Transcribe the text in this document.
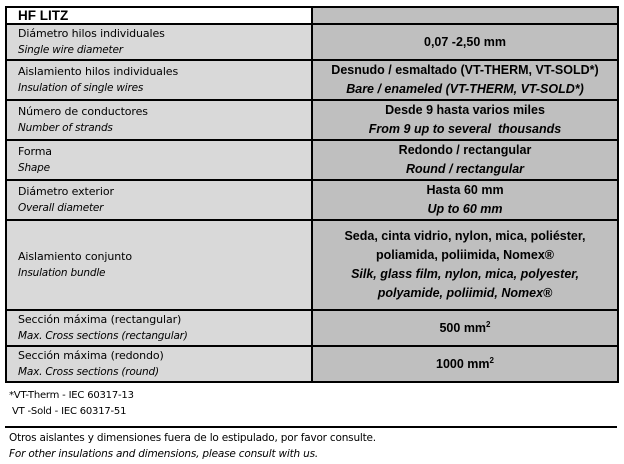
HF LITZ	

Diámetro hilos individuales
Single wire diameter	0,07 -2,50 mm

Aislamiento hilos individuales
Insulation of single wires	Desnudo / esmaltado (VT-THERM, VT-SOLD*)
Bare / enameled (VT-THERM, VT-SOLD*)

Número de conductores
Number of strands	Desde 9 hasta varios miles
From 9 up to several  thousands

Forma
Shape	Redondo / rectangular
Round / rectangular

Diámetro exterior
Overall diameter	Hasta 60 mm
Up to 60 mm

Aislamiento conjunto
Insulation bundle	Seda, cinta vidrio, nylon, mica, poliéster,
poliamida, poliimida, Nomex®
Silk, glass film, nylon, mica, polyester,
polyamide, poliimid, Nomex®

Sección máxima (rectangular)
Max. Cross sections (rectangular)	500 $mm^2$

Sección máxima (redondo)
Max. Cross sections (round)	1000 $mm^2$
*VT-Therm - IEC 60317-13
VT -Sold - IEC 60317-51
Otros aislantes y dimensiones fuera de lo estipulado, por favor consulte.
For other insulations and dimensions, please consult with us.
